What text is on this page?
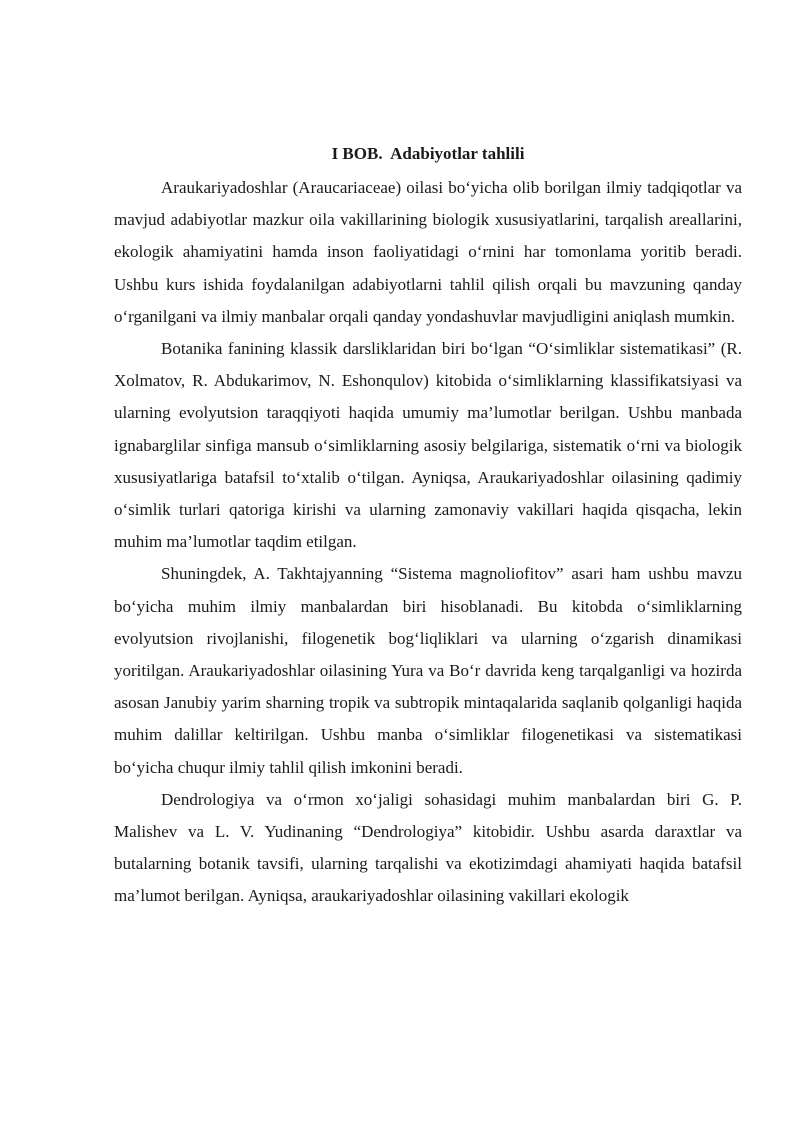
I BOB.  Adabiyotlar tahlili

Araukariyadoshlar (Araucariaceae) oilasi bo‘yicha olib borilgan ilmiy tadqiqotlar va mavjud adabiyotlar mazkur oila vakillarining biologik xususiyatlarini, tarqalish areallarini, ekologik ahamiyatini hamda inson faoliyatidagi o‘rnini har tomonlama yoritib beradi. Ushbu kurs ishida foydalanilgan adabiyotlarni tahlil qilish orqali bu mavzuning qanday o‘rganilgani va ilmiy manbalar orqali qanday yondashuvlar mavjudligini aniqlash mumkin.

Botanika fanining klassik darsliklaridan biri bo‘lgan “O‘simliklar sistematikasi” (R. Xolmatov, R. Abdukarimov, N. Eshonqulov) kitobida o‘simliklarning klassifikatsiyasi va ularning evolyutsion taraqqiyoti haqida umumiy ma’lumotlar berilgan. Ushbu manbada ignabarglilar sinfiga mansub o‘simliklarning asosiy belgilariga, sistematik o‘rni va biologik xususiyatlariga batafsil to‘xtalib o‘tilgan. Ayniqsa, Araukariyadoshlar oilasining qadimiy o‘simlik turlari qatoriga kirishi va ularning zamonaviy vakillari haqida qisqacha, lekin muhim ma’lumotlar taqdim etilgan.

Shuningdek, A. Takhtajyanning “Sistema magnoliofitov” asari ham ushbu mavzu bo‘yicha muhim ilmiy manbalardan biri hisoblanadi. Bu kitobda o‘simliklarning evolyutsion rivojlanishi, filogenetik bog‘liqliklari va ularning o‘zgarish dinamikasi yoritilgan. Araukariyadoshlar oilasining Yura va Bo‘r davrida keng tarqalganligi va hozirda asosan Janubiy yarim sharning tropik va subtropik mintaqalarida saqlanib qolganligi haqida muhim dalillar keltirilgan. Ushbu manba o‘simliklar filogenetikasi va sistematikasi bo‘yicha chuqur ilmiy tahlil qilish imkonini beradi.

Dendrologiya va o‘rmon xo‘jaligi sohasidagi muhim manbalardan biri G. P. Malishev va L. V. Yudinaning “Dendrologiya” kitobidir. Ushbu asarda daraxtlar va butalarning botanik tavsifi, ularning tarqalishi va ekotizimdagi ahamiyati haqida batafsil ma’lumot berilgan. Ayniqsa, araukariyadoshlar oilasining vakillari ekologik
